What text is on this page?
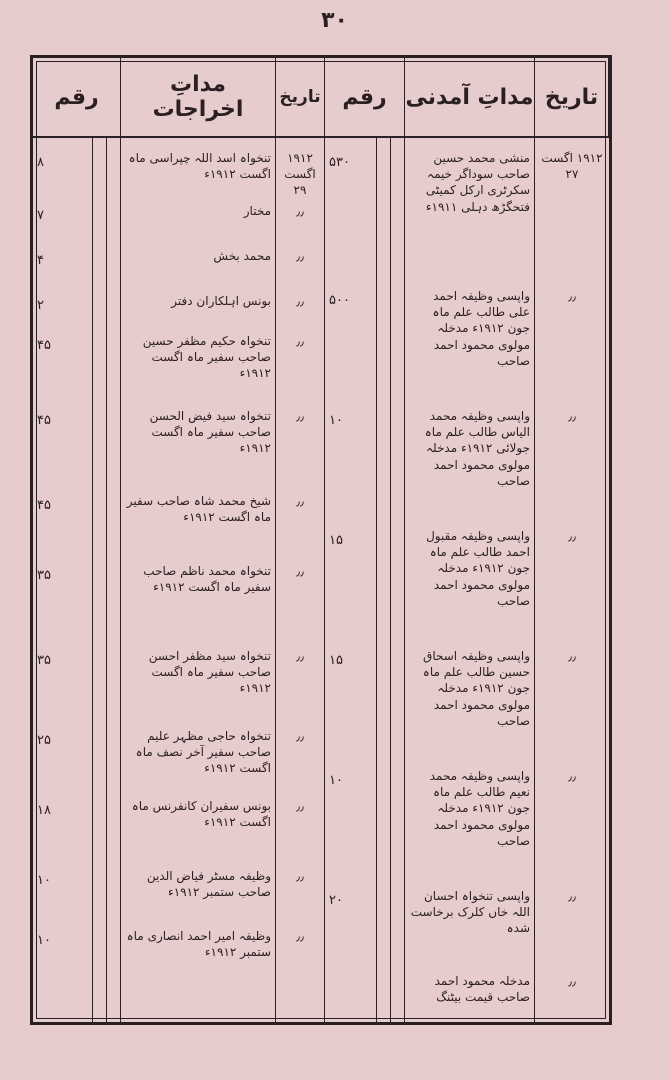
۳۰
رقم	مداتِ اخراجات	تاریخ رقم مداتِ آمدنی تاریخ
۸
۷
۴
۲
۴۵
۴۵
۴۵
۳۵
۳۵
۲۵
۱۸
۱۰
۱۰
تنخواہ اسد اللہ چپراسی ماہ اگست ۱۹۱۲ء
مختار
محمد بخش
بونس اہلکاران دفتر
تنخواہ حکیم مظفر حسین صاحب سفیر ماہ اگست ۱۹۱۲ء
تنخواہ سید فیض الحسن صاحب سفیر ماہ اگست ۱۹۱۲ء
شیخ محمد شاہ صاحب سفیر ماہ اگست ۱۹۱۲ء
تنخواہ محمد ناظم صاحب سفیر ماہ اگست ۱۹۱۲ء
تنخواہ سید مظفر احسن صاحب سفیر ماہ اگست ۱۹۱۲ء
تنخواہ حاجی مظہر علیم صاحب سفیر آخر نصف ماہ اگست ۱۹۱۲ء
بونس سفیران کانفرنس ماہ اگست ۱۹۱۲ء
وظیفہ مسٹر فیاض الدین صاحب ستمبر ۱۹۱۲ء
وظیفہ امیر احمد انصاری ماہ ستمبر ۱۹۱۲ء
۱۹۱۲ اگست ۲۹
٫٫
٫٫
٫٫
٫٫
٫٫
٫٫
٫٫
٫٫
٫٫
٫٫
٫٫
٫٫
۵۳۰
۵۰۰
۱۰
۱۵
۱۵
۱۰
۲۰
منشی محمد حسین صاحب سوداگر خیمہ سکرٹری ارکل کمیٹی فتحگڑھ دہلی ۱۹۱۱ء
واپسی وظیفہ احمد علی طالب علم ماہ جون ۱۹۱۲ء مدخلہ مولوی محمود احمد صاحب
واپسی وظیفہ محمد الیاس طالب علم ماہ جولائی ۱۹۱۲ء مدخلہ مولوی محمود احمد صاحب
واپسی وظیفہ مقبول احمد طالب علم ماہ جون ۱۹۱۲ء مدخلہ مولوی محمود احمد صاحب
واپسی وظیفہ اسحاق حسین طالب علم ماہ جون ۱۹۱۲ء مدخلہ مولوی محمود احمد صاحب
واپسی وظیفہ محمد نعیم طالب علم ماہ جون ۱۹۱۲ء مدخلہ مولوی محمود احمد صاحب
واپسی تنخواہ احسان اللہ خاں کلرک برخاست شدہ
مدخلہ محمود احمد صاحب قیمت بیٹنگ
۱۹۱۲ اگست ۲۷
٫٫
٫٫
٫٫
٫٫
٫٫
٫٫
٫٫
